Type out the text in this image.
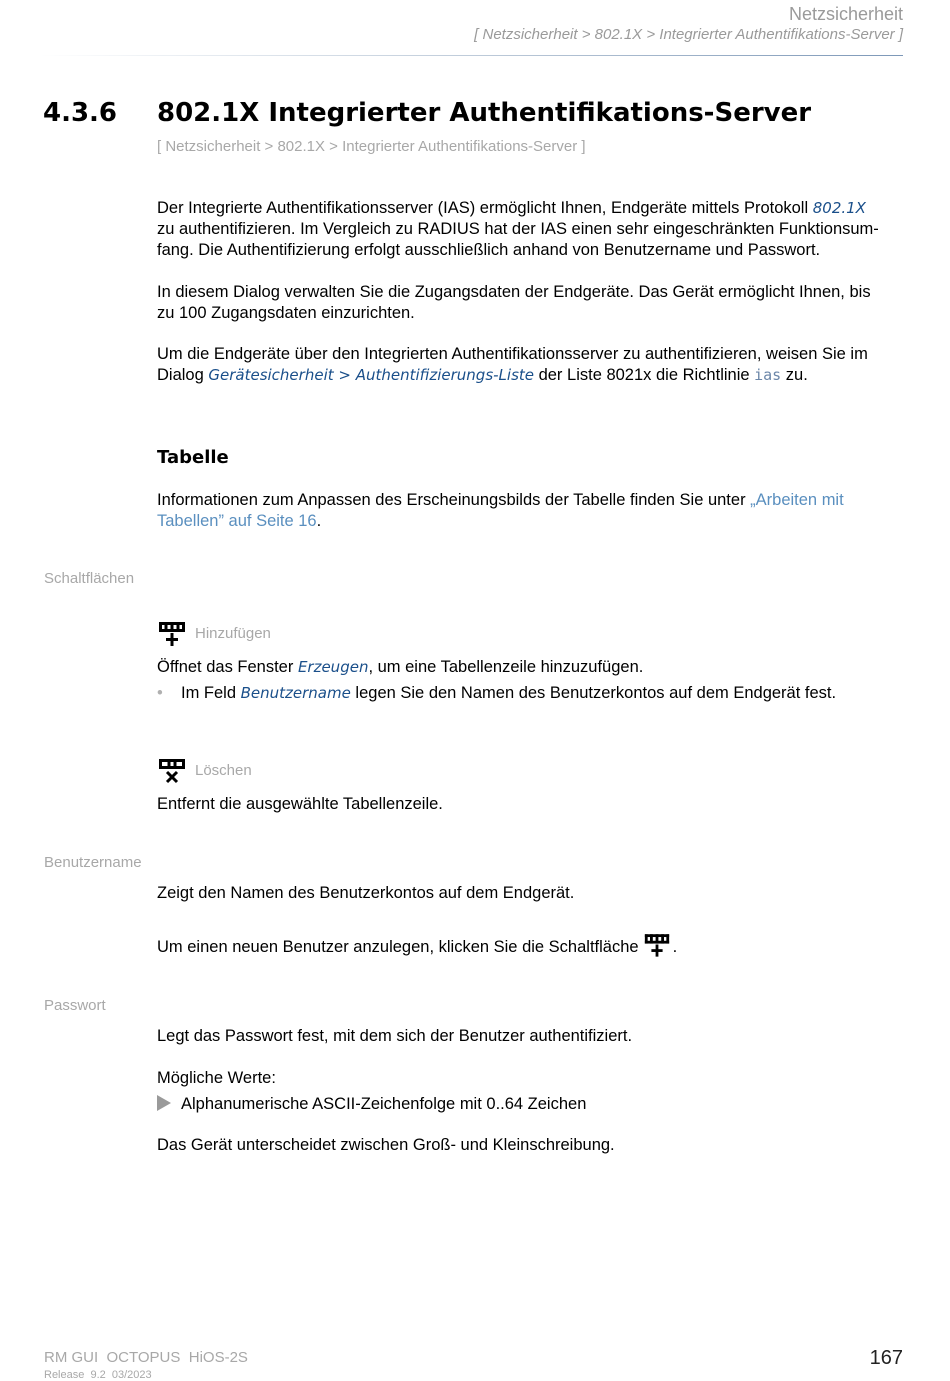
Netzsicherheit
[ Netzsicherheit > 802.1X > Integrierter Authentifikations-Server ]
4.3.6 802.1X Integrierter Authentifikations-Server
[ Netzsicherheit > 802.1X > Integrierter Authentifikations-Server ]

Der Integrierte Authentifikationsserver (IAS) ermöglicht Ihnen, Endgeräte mittels Protokoll 802.1X

zu authentifizieren. Im Vergleich zu RADIUS hat der IAS einen sehr eingeschränkten Funktionsum-

fang. Die Authentifizierung erfolgt ausschließlich anhand von Benutzername und Passwort.

In diesem Dialog verwalten Sie die Zugangsdaten der Endgeräte. Das Gerät ermöglicht Ihnen, bis

zu 100 Zugangsdaten einzurichten.

Um die Endgeräte über den Integrierten Authentifikationsserver zu authentifizieren, weisen Sie im

Dialog Gerätesicherheit > Authentifizierungs-Liste der Liste 8021x die Richtlinie ias zu.

Tabelle

Informationen zum Anpassen des Erscheinungsbilds der Tabelle finden Sie unter „Arbeiten mit

Tabellen” auf Seite 16.

Schaltflächen
Hinzufügen

Öffnet das Fenster Erzeugen, um eine Tabellenzeile hinzuzufügen.

• Im Feld Benutzername legen Sie den Namen des Benutzerkontos auf dem Endgerät fest.

Löschen

Entfernt die ausgewählte Tabellenzeile.

Benutzername

Zeigt den Namen des Benutzerkontos auf dem Endgerät.

Um einen neuen Benutzer anzulegen, klicken Sie die Schaltfläche .
Passwort

Legt das Passwort fest, mit dem sich der Benutzer authentifiziert.

Mögliche Werte:

Alphanumerische ASCII-Zeichenfolge mit 0..64 Zeichen

Das Gerät unterscheidet zwischen Groß- und Kleinschreibung.

RM GUI  OCTOPUS  HiOS-2S
Release  9.2  03/2023
167
